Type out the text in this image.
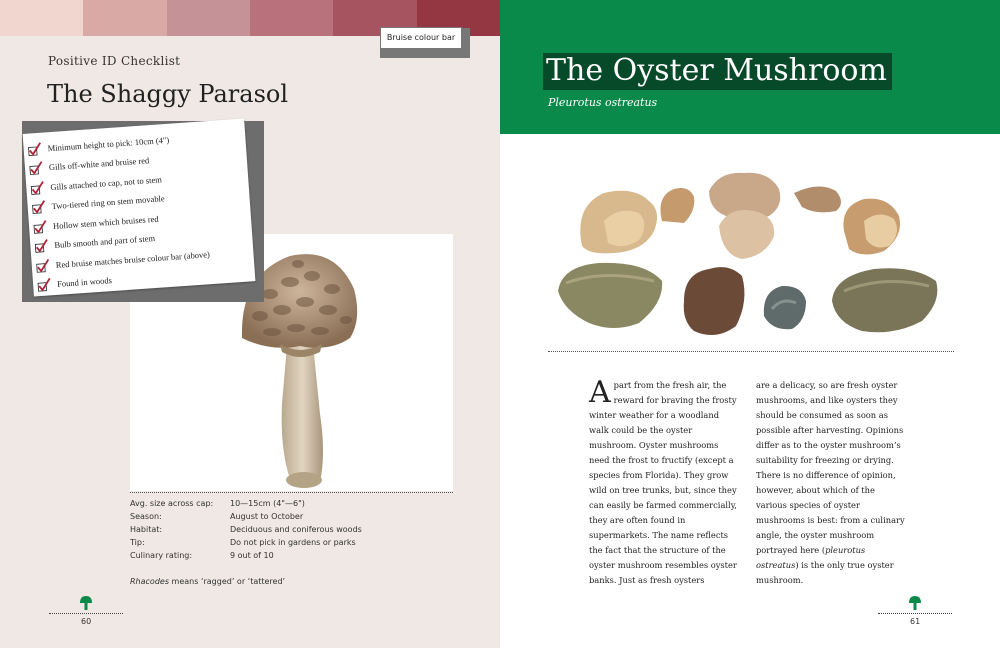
Bruise colour bar
Positive ID Checklist
The Shaggy Parasol
Minimum height to pick: 10cm (4")
Gills off-white and bruise red
Gills attached to cap, not to stem
Two-tiered ring on stem movable
Hollow stem which bruises red
Bulb smooth and part of stem
Red bruise matches bruise colour bar (above)
Found in woods
Avg. size across cap:	10—15cm (4"—6")
Season:	August to October
Habitat:	Deciduous and coniferous woods
Tip:	Do not pick in gardens or parks
Culinary rating:	9 out of 10
Rhacodes means ‘ragged’ or ‘tattered’
60
The Oyster Mushroom
Pleurotus ostreatus

Apart from the fresh air, the reward for braving the frosty winter weather for a woodland walk could be the oyster mushroom. Oyster mushrooms need the frost to fructify (except a species from Florida). They grow wild on tree trunks, but, since they can easily be farmed commercially, they are often found in supermarkets. The name reflects the fact that the structure of the oyster mushroom resembles oyster banks. Just as fresh oysters

are a delicacy, so are fresh oyster mushrooms, and like oysters they should be consumed as soon as possible after harvesting. Opinions differ as to the oyster mushroom’s suitability for freezing or drying. There is no difference of opinion, however, about which of the various species of oyster mushrooms is best: from a culinary angle, the oyster mushroom portrayed here (pleurotus ostreatus) is the only true oyster mushroom.

61
